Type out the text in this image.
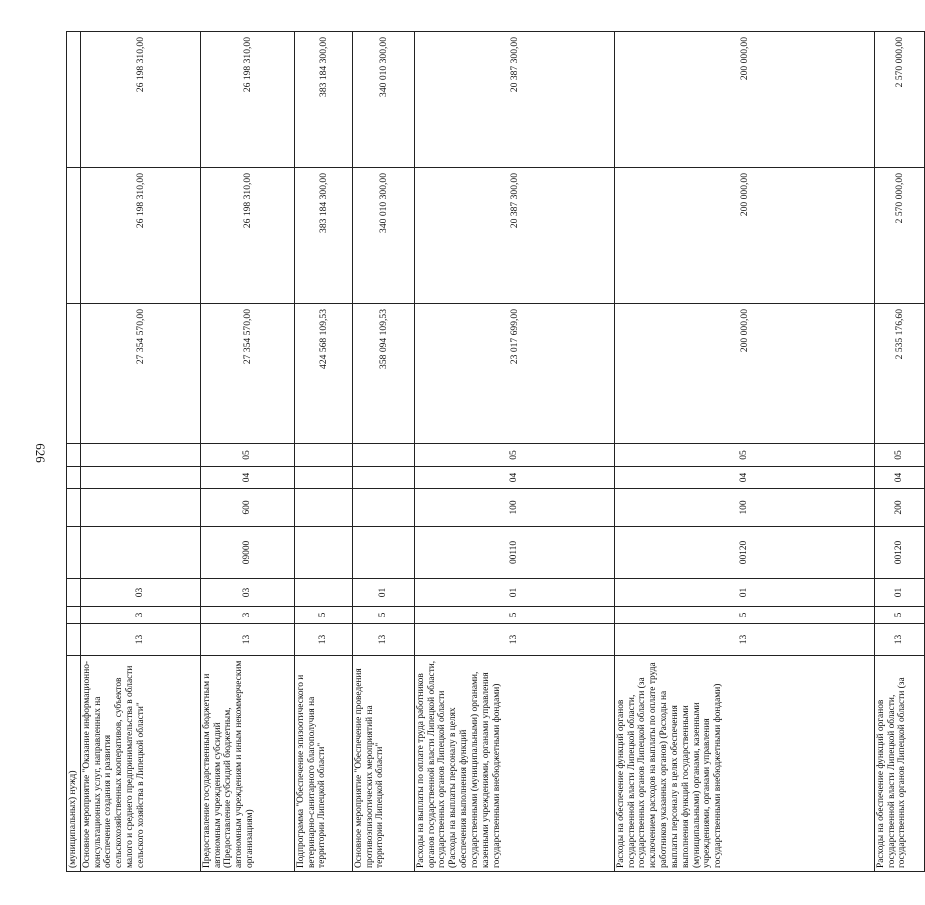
626
(муниципальных) нужд)										
Основное мероприятие "Оказание информационно-консультационных услуг, направленных на обеспечение создания и развития сельскохозяйственных кооперативов, субъектов малого и среднего предпринимательства в области сельского хозяйства в Липецкой области"	13	3	03					27 354 570,00	26 198 310,00	26 198 310,00
Предоставление государственным бюджетным и автономным учреждениям субсидий (Предоставление субсидий бюджетным, автономным учреждениям и иным некоммерческим организациям)	13	3	03	09000	600	04	05	27 354 570,00	26 198 310,00	26 198 310,00
Подпрограмма "Обеспечение эпизоотического и ветеринарно-санитарного благополучия на территории Липецкой области"	13	5						424 568 109,53	383 184 300,00	383 184 300,00
Основное мероприятие "Обеспечение проведения противоэпизоотических мероприятий на территории Липецкой области"	13	5	01					358 094 109,53	340 010 300,00	340 010 300,00
Расходы на выплаты по оплате труда работников органов государственной власти Липецкой области, государственных органов Липецкой области (Расходы на выплаты персоналу в целях обеспечения выполнения функций государственными (муниципальными) органами, казенными учреждениями, органами управления государственными внебюджетными фондами)	13	5	01	00110	100	04	05	23 017 699,00	20 387 300,00	20 387 300,00
Расходы на обеспечение функций органов государственной власти Липецкой области, государственных органов Липецкой области (за исключением расходов на выплаты по оплате труда работников указанных органов) (Расходы на выплаты персоналу в целях обеспечения выполнения функций государственными (муниципальными) органами, казенными учреждениями, органами управления государственными внебюджетными фондами)	13	5	01	00120	100	04	05	200 000,00	200 000,00	200 000,00
Расходы на обеспечение функций органов государственной власти Липецкой области, государственных органов Липецкой области (за	13	5	01	00120	200	04	05	2 535 176,60	2 570 000,00	2 570 000,00
